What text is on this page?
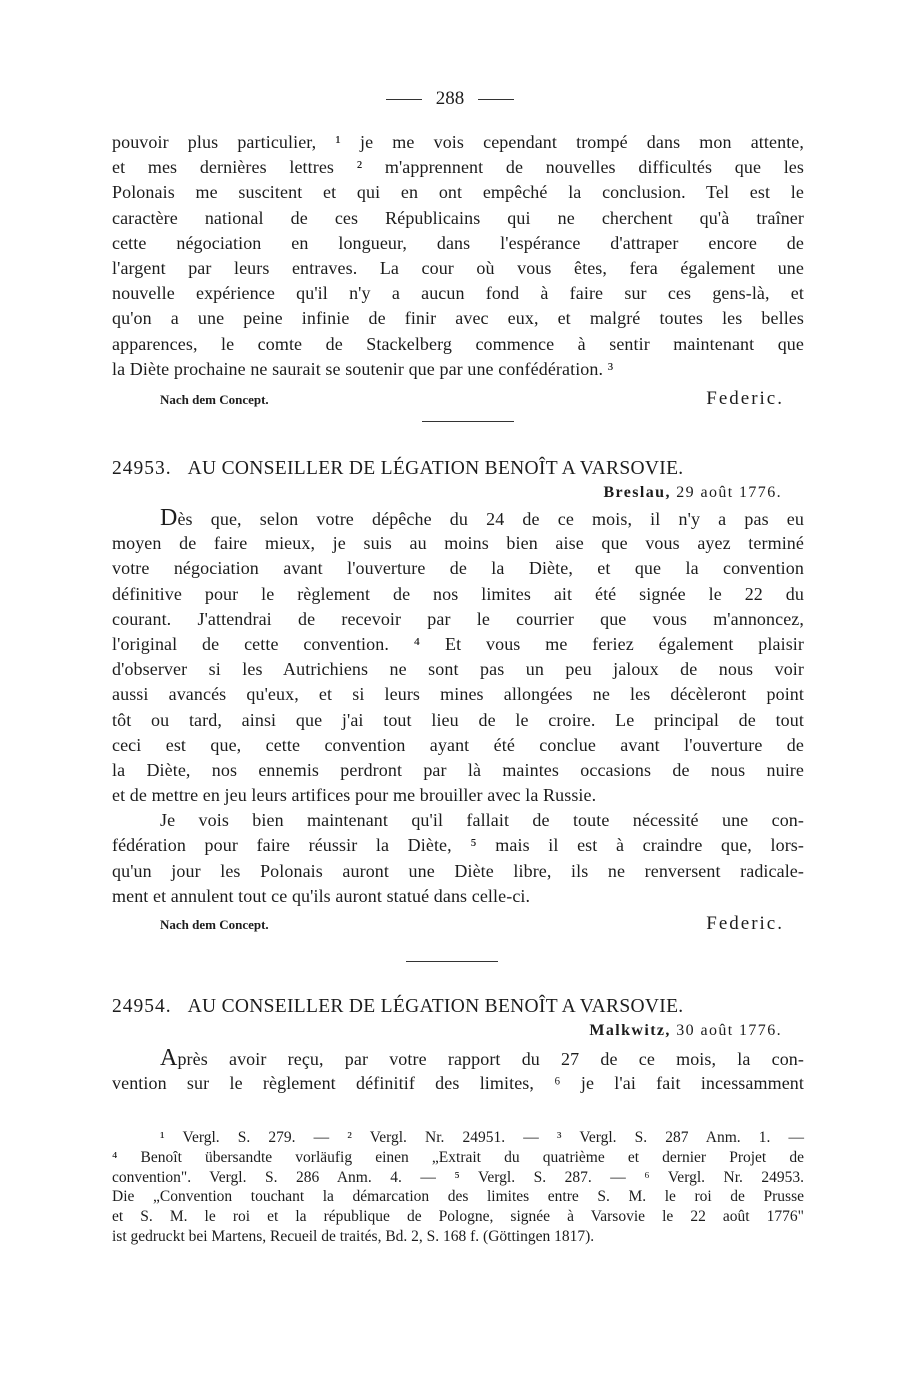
288
pouvoir plus particulier, ¹ je me vois cependant trompé dans mon attente,
et mes dernières lettres ² m'apprennent de nouvelles difficultés que les
Polonais me suscitent et qui en ont empêché la conclusion. Tel est le
caractère national de ces Républicains qui ne cherchent qu'à traîner
cette négociation en longueur, dans l'espérance d'attraper encore de
l'argent par leurs entraves. La cour où vous êtes, fera également une
nouvelle expérience qu'il n'y a aucun fond à faire sur ces gens-là, et
qu'on a une peine infinie de finir avec eux, et malgré toutes les belles
apparences, le comte de Stackelberg commence à sentir maintenant que
la Diète prochaine ne saurait se soutenir que par une confédération. ³
Nach dem Concept.	Federic.
24953. AU CONSEILLER DE LÉGATION BENOÎT A VARSOVIE.
Breslau, 29 août 1776.
Dès que, selon votre dépêche du 24 de ce mois, il n'y a pas eu
moyen de faire mieux, je suis au moins bien aise que vous ayez terminé
votre négociation avant l'ouverture de la Diète, et que la convention
définitive pour le règlement de nos limites ait été signée le 22 du
courant. J'attendrai de recevoir par le courrier que vous m'annoncez,
l'original de cette convention. ⁴ Et vous me feriez également plaisir
d'observer si les Autrichiens ne sont pas un peu jaloux de nous voir
aussi avancés qu'eux, et si leurs mines allongées ne les décèleront point
tôt ou tard, ainsi que j'ai tout lieu de le croire. Le principal de tout
ceci est que, cette convention ayant été conclue avant l'ouverture de
la Diète, nos ennemis perdront par là maintes occasions de nous nuire
et de mettre en jeu leurs artifices pour me brouiller avec la Russie.
Je vois bien maintenant qu'il fallait de toute nécessité une con-
fédération pour faire réussir la Diète, ⁵ mais il est à craindre que, lors-
qu'un jour les Polonais auront une Diète libre, ils ne renversent radicale-
ment et annulent tout ce qu'ils auront statué dans celle-ci.
Nach dem Concept.	Federic.
24954. AU CONSEILLER DE LÉGATION BENOÎT A VARSOVIE.
Malkwitz, 30 août 1776.
Après avoir reçu, par votre rapport du 27 de ce mois, la con-
vention sur le règlement définitif des limites, ⁶ je l'ai fait incessamment
¹ Vergl. S. 279. — ² Vergl. Nr. 24951. — ³ Vergl. S. 287 Anm. 1. —
⁴ Benoît übersandte vorläufig einen „Extrait du quatrième et dernier Projet de
convention". Vergl. S. 286 Anm. 4. — ⁵ Vergl. S. 287. — ⁶ Vergl. Nr. 24953.
Die „Convention touchant la démarcation des limites entre S. M. le roi de Prusse
et S. M. le roi et la république de Pologne, signée à Varsovie le 22 août 1776"
ist gedruckt bei Martens, Recueil de traités, Bd. 2, S. 168 f. (Göttingen 1817).
